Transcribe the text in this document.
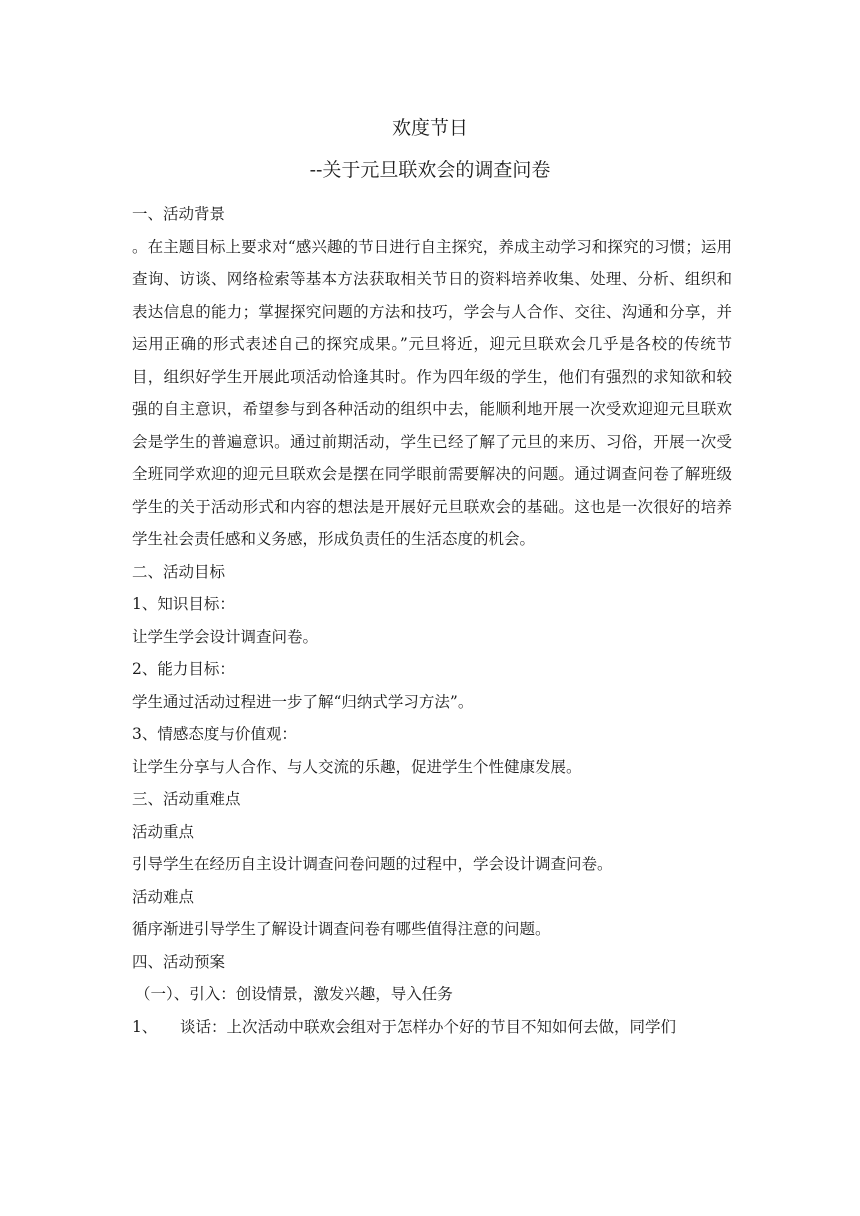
欢度节日
--关于元旦联欢会的调查问卷

一、活动背景

。在主题目标上要求对“感兴趣的节日进行自主探究，养成主动学习和探究的习惯；运用查询、访谈、网络检索等基本方法获取相关节日的资料培养收集、处理、分析、组织和表达信息的能力；掌握探究问题的方法和技巧，学会与人合作、交往、沟通和分享，并运用正确的形式表述自己的探究成果。”元旦将近，迎元旦联欢会几乎是各校的传统节目，组织好学生开展此项活动恰逢其时。作为四年级的学生，他们有强烈的求知欲和较强的自主意识，希望参与到各种活动的组织中去，能顺利地开展一次受欢迎迎元旦联欢会是学生的普遍意识。通过前期活动，学生已经了解了元旦的来历、习俗，开展一次受全班同学欢迎的迎元旦联欢会是摆在同学眼前需要解决的问题。通过调查问卷了解班级学生的关于活动形式和内容的想法是开展好元旦联欢会的基础。这也是一次很好的培养学生社会责任感和义务感，形成负责任的生活态度的机会。

二、活动目标

1、知识目标：

让学生学会设计调查问卷。

2、能力目标：

学生通过活动过程进一步了解“归纳式学习方法”。

3、情感态度与价值观：

让学生分享与人合作、与人交流的乐趣，促进学生个性健康发展。

三、活动重难点

活动重点

引导学生在经历自主设计调查问卷问题的过程中，学会设计调查问卷。

活动难点

循序渐进引导学生了解设计调查问卷有哪些值得注意的问题。

四、活动预案

（一）、引入：创设情景，激发兴趣，导入任务

1、 谈话：上次活动中联欢会组对于怎样办个好的节目不知如何去做，同学们
